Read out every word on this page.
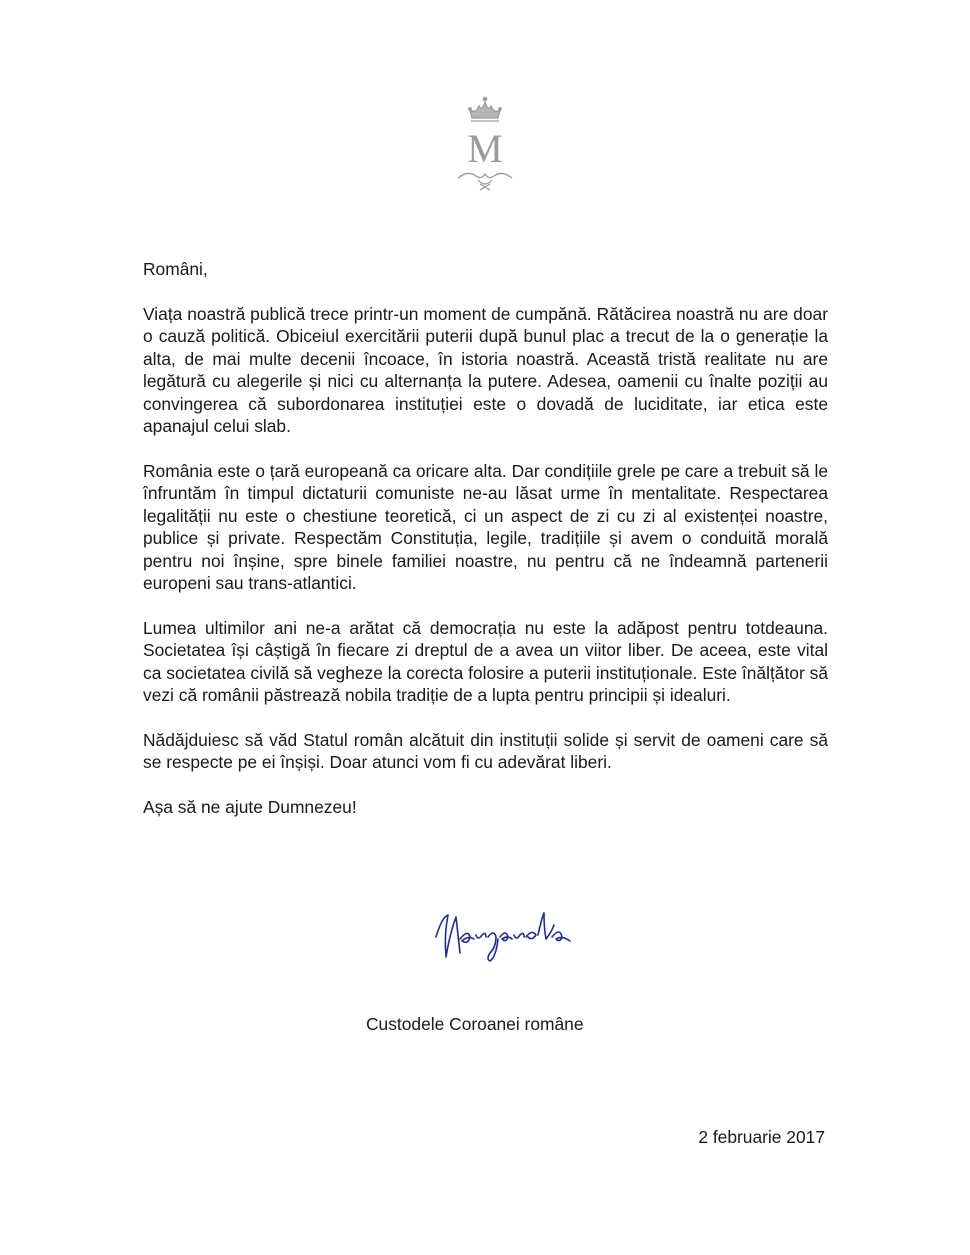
M

Români,

Viața noastră publică trece printr-un moment de cumpănă. Rătăcirea noastră nu are doar o cauză politică. Obiceiul exercitării puterii după bunul plac a trecut de la o generație la alta, de mai multe decenii încoace, în istoria noastră. Această tristă realitate nu are legătură cu alegerile și nici cu alternanța la putere. Adesea, oamenii cu înalte poziții au convingerea că subordonarea instituției este o dovadă de luciditate, iar etica este apanajul celui slab.

România este o țară europeană ca oricare alta. Dar condițiile grele pe care a trebuit să le înfruntăm în timpul dictaturii comuniste ne-au lăsat urme în mentalitate. Respectarea legalității nu este o chestiune teoretică, ci un aspect de zi cu zi al existenței noastre, publice și private. Respectăm Constituția, legile, tradițiile și avem o conduită morală pentru noi înșine, spre binele familiei noastre, nu pentru că ne îndeamnă partenerii europeni sau trans-atlantici.

Lumea ultimilor ani ne-a arătat că democrația nu este la adăpost pentru totdeauna. Societatea își câștigă în fiecare zi dreptul de a avea un viitor liber. De aceea, este vital ca societatea civilă să vegheze la corecta folosire a puterii instituționale. Este înălțător să vezi că românii păstrează nobila tradiție de a lupta pentru principii și idealuri.

Nădăjduiesc să văd Statul român alcătuit din instituții solide și servit de oameni care să se respecte pe ei înșiși. Doar atunci vom fi cu adevărat liberi.

Așa să ne ajute Dumnezeu!

Custodele Coroanei române
2 februarie 2017
